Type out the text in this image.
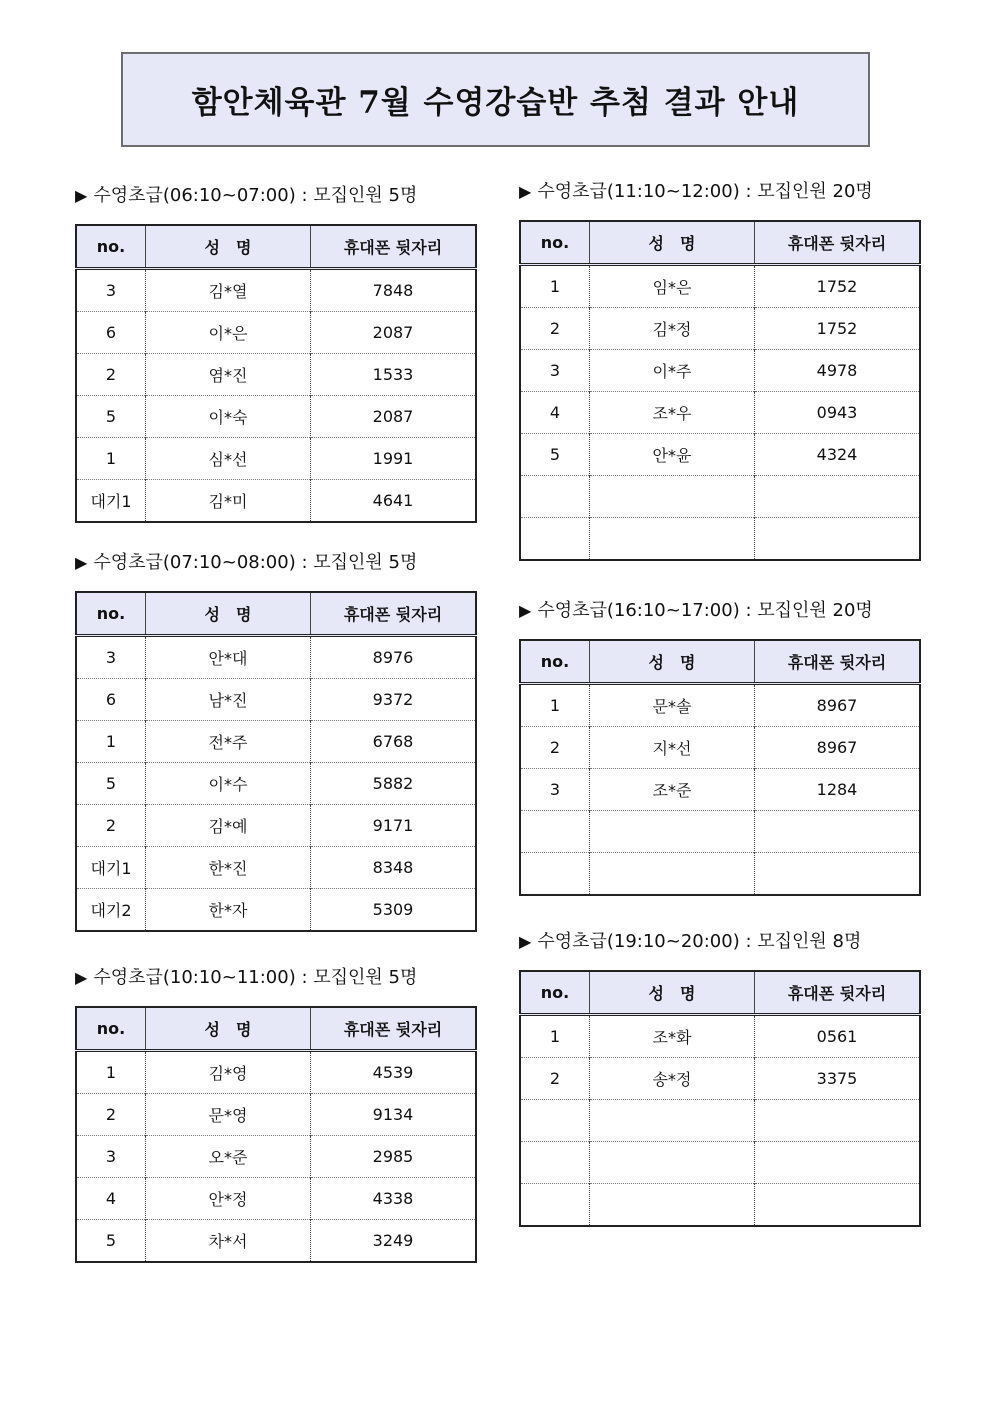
함안체육관 7월 수영강습반 추첨 결과 안내
▶ 수영초급(06:10~07:00) : 모집인원 5명
no.	성　명	휴대폰 뒷자리
3	김*열	7848
6	이*은	2087
2	염*진	1533
5	이*숙	2087
1	심*선	1991
대기1	김*미	4641
▶ 수영초급(07:10~08:00) : 모집인원 5명
no.	성　명	휴대폰 뒷자리
3	안*대	8976
6	남*진	9372
1	전*주	6768
5	이*수	5882
2	김*예	9171
대기1	한*진	8348
대기2	한*자	5309
▶ 수영초급(10:10~11:00) : 모집인원 5명
no.	성　명	휴대폰 뒷자리
1	김*영	4539
2	문*영	9134
3	오*준	2985
4	안*정	4338
5	차*서	3249
▶ 수영초급(11:10~12:00) : 모집인원 20명
no.	성　명	휴대폰 뒷자리
1	임*은	1752
2	김*정	1752
3	이*주	4978
4	조*우	0943
5	안*윤	4324

▶ 수영초급(16:10~17:00) : 모집인원 20명
no.	성　명	휴대폰 뒷자리
1	문*솔	8967
2	지*선	8967
3	조*준	1284

▶ 수영초급(19:10~20:00) : 모집인원 8명
no.	성　명	휴대폰 뒷자리
1	조*화	0561
2	송*정	3375
